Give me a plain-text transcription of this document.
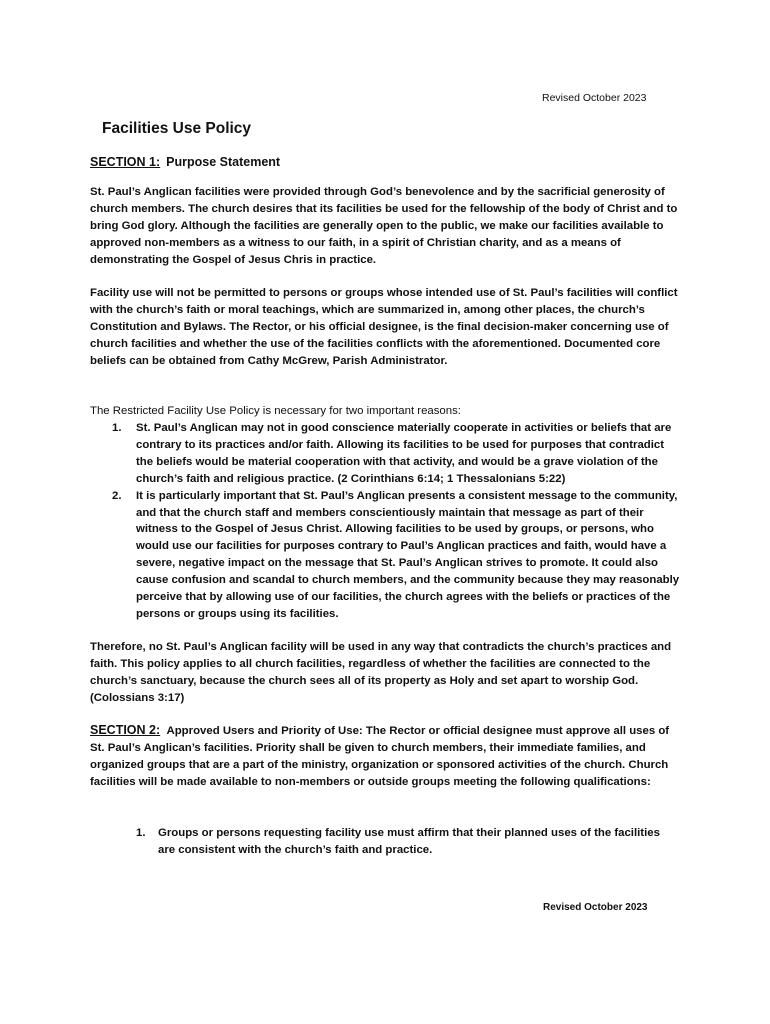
Revised October 2023
Facilities Use Policy
SECTION 1: Purpose Statement
St. Paul’s Anglican facilities were provided through God’s benevolence and by the sacrificial generosity of church members. The church desires that its facilities be used for the fellowship of the body of Christ and to bring God glory. Although the facilities are generally open to the public, we make our facilities available to approved non-members as a witness to our faith, in a spirit of Christian charity, and as a means of demonstrating the Gospel of Jesus Chris in practice.
Facility use will not be permitted to persons or groups whose intended use of St. Paul’s facilities will conflict with the church’s faith or moral teachings, which are summarized in, among other places, the church’s Constitution and Bylaws. The Rector, or his official designee, is the final decision-maker concerning use of church facilities and whether the use of the facilities conflicts with the aforementioned. Documented core beliefs can be obtained from Cathy McGrew, Parish Administrator.
The Restricted Facility Use Policy is necessary for two important reasons:
1. St. Paul’s Anglican may not in good conscience materially cooperate in activities or beliefs that are contrary to its practices and/or faith. Allowing its facilities to be used for purposes that contradict the beliefs would be material cooperation with that activity, and would be a grave violation of the church’s faith and religious practice. (2 Corinthians 6:14; 1 Thessalonians 5:22)
2. It is particularly important that St. Paul’s Anglican presents a consistent message to the community, and that the church staff and members conscientiously maintain that message as part of their witness to the Gospel of Jesus Christ. Allowing facilities to be used by groups, or persons, who would use our facilities for purposes contrary to Paul’s Anglican practices and faith, would have a severe, negative impact on the message that St. Paul’s Anglican strives to promote. It could also cause confusion and scandal to church members, and the community because they may reasonably perceive that by allowing use of our facilities, the church agrees with the beliefs or practices of the persons or groups using its facilities.
Therefore, no St. Paul’s Anglican facility will be used in any way that contradicts the church’s practices and faith. This policy applies to all church facilities, regardless of whether the facilities are connected to the church’s sanctuary, because the church sees all of its property as Holy and set apart to worship God. (Colossians 3:17)
SECTION 2: Approved Users and Priority of Use: The Rector or official designee must approve all uses of St. Paul’s Anglican’s facilities. Priority shall be given to church members, their immediate families, and organized groups that are a part of the ministry, organization or sponsored activities of the church. Church facilities will be made available to non-members or outside groups meeting the following qualifications:
1. Groups or persons requesting facility use must affirm that their planned uses of the facilities are consistent with the church’s faith and practice.
Revised October 2023
